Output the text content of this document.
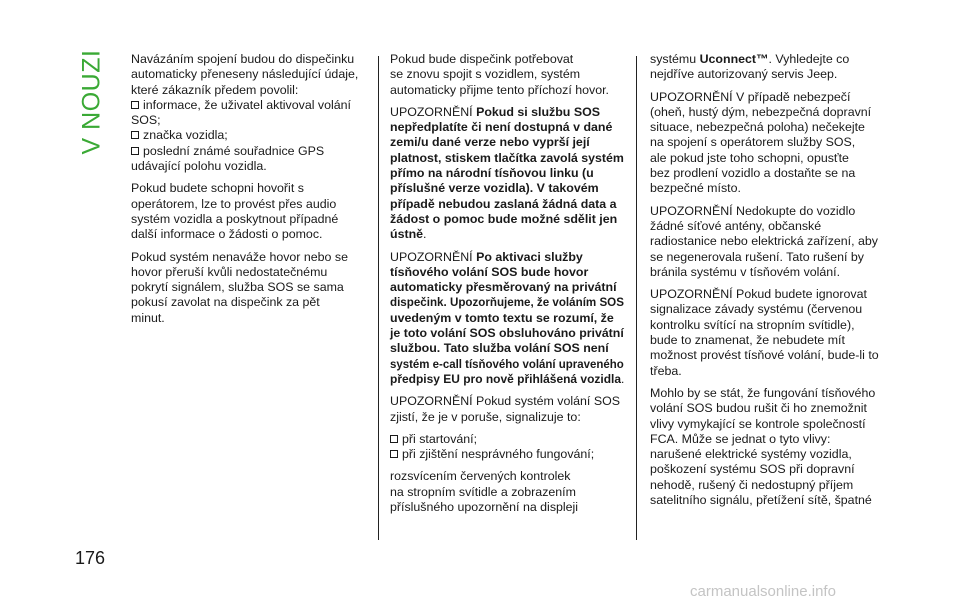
V NOUZI Navázáním spojení budou do dispečinku
automaticky přeneseny následující údaje,
které zákazník předem povolil:
informace, že uživatel aktivoval volání
SOS;
značka vozidla;
poslední známé souřadnice GPS
udávající polohu vozidla.

Pokud budete schopni hovořit s
operátorem, lze to provést přes audio
systém vozidla a poskytnout případné
další informace o žádosti o pomoc.

Pokud systém nenaváže hovor nebo se
hovor přeruší kvůli nedostatečnému
pokrytí signálem, služba SOS se sama
pokusí zavolat na dispečink za pět
minut.

Pokud bude dispečink potřebovat
se znovu spojit s vozidlem, systém
automaticky přijme tento příchozí hovor.

UPOZORNĚNÍ Pokud si službu SOS
nepředplatíte či není dostupná v dané
zemi/u dané verze nebo vyprší její
platnost, stiskem tlačítka zavolá systém
přímo na národní tísňovou linku (u
příslušné verze vozidla). V takovém
případě nebudou zaslaná žádná data a
žádost o pomoc bude možné sdělit jen
ústně.

UPOZORNĚNÍ Po aktivaci služby
tísňového volání SOS bude hovor
automaticky přesměrovaný na privátní
dispečink. Upozorňujeme, že voláním SOS
uvedeným v tomto textu se rozumí, že
je toto volání SOS obsluhováno privátní
službou. Tato služba volání SOS není
systém e-call tísňového volání upraveného
předpisy EU pro nově přihlášená vozidla.

UPOZORNĚNÍ Pokud systém volání SOS
zjistí, že je v poruše, signalizuje to:

při startování;
při zjištění nesprávného fungování;

rozsvícením červených kontrolek
na stropním svítidle a zobrazením
příslušného upozornění na displeji

systému Uconnect™. Vyhledejte co
nejdříve autorizovaný servis Jeep.

UPOZORNĚNÍ V případě nebezpečí
(oheň, hustý dým, nebezpečná dopravní
situace, nebezpečná poloha) nečekejte
na spojení s operátorem služby SOS,
ale pokud jste toho schopni, opusťte
bez prodlení vozidlo a dostaňte se na
bezpečné místo.

UPOZORNĚNÍ Nedokupte do vozidlo
žádné síťové antény, občanské
radiostanice nebo elektrická zařízení, aby
se negenerovala rušení. Tato rušení by
bránila systému v tísňovém volání.

UPOZORNĚNÍ Pokud budete ignorovat
signalizace závady systému (červenou
kontrolku svítící na stropním svítidle),
bude to znamenat, že nebudete mít
možnost provést tísňové volání, bude-li to
třeba.

Mohlo by se stát, že fungování tísňového
volání SOS budou rušit či ho znemožnit
vlivy vymykající se kontrole společností
FCA. Může se jednat o tyto vlivy:
narušené elektrické systémy vozidla,
poškození systému SOS při dopravní
nehodě, rušený či nedostupný příjem
satelitního signálu, přetížení sítě, špatné

176
carmanualsonline.info
